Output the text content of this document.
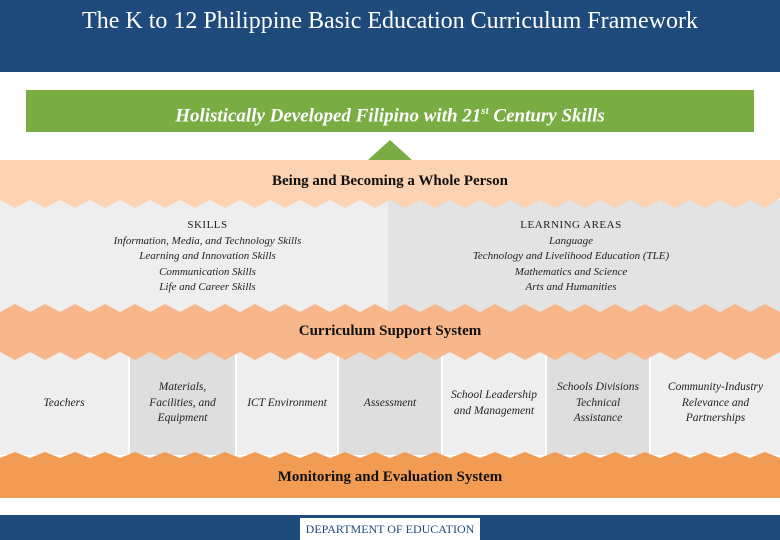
The K to 12 Philippine Basic Education Curriculum Framework
Holistically Developed Filipino with 21st Century Skills
Being and Becoming a Whole Person
SKILLS
Information, Media, and Technology Skills
Learning and Innovation Skills
Communication Skills
Life and Career Skills
LEARNING AREAS
Language
Technology and Livelihood Education (TLE)
Mathematics and Science
Arts and Humanities
Teachers
Materials, Facilities, and Equipment
ICT Environment	Assessment
School Leadership and Management
Schools Divisions Technical Assistance
Community-Industry Relevance and Partnerships
Curriculum Support System
Monitoring and Evaluation System
DEPARTMENT OF EDUCATION
